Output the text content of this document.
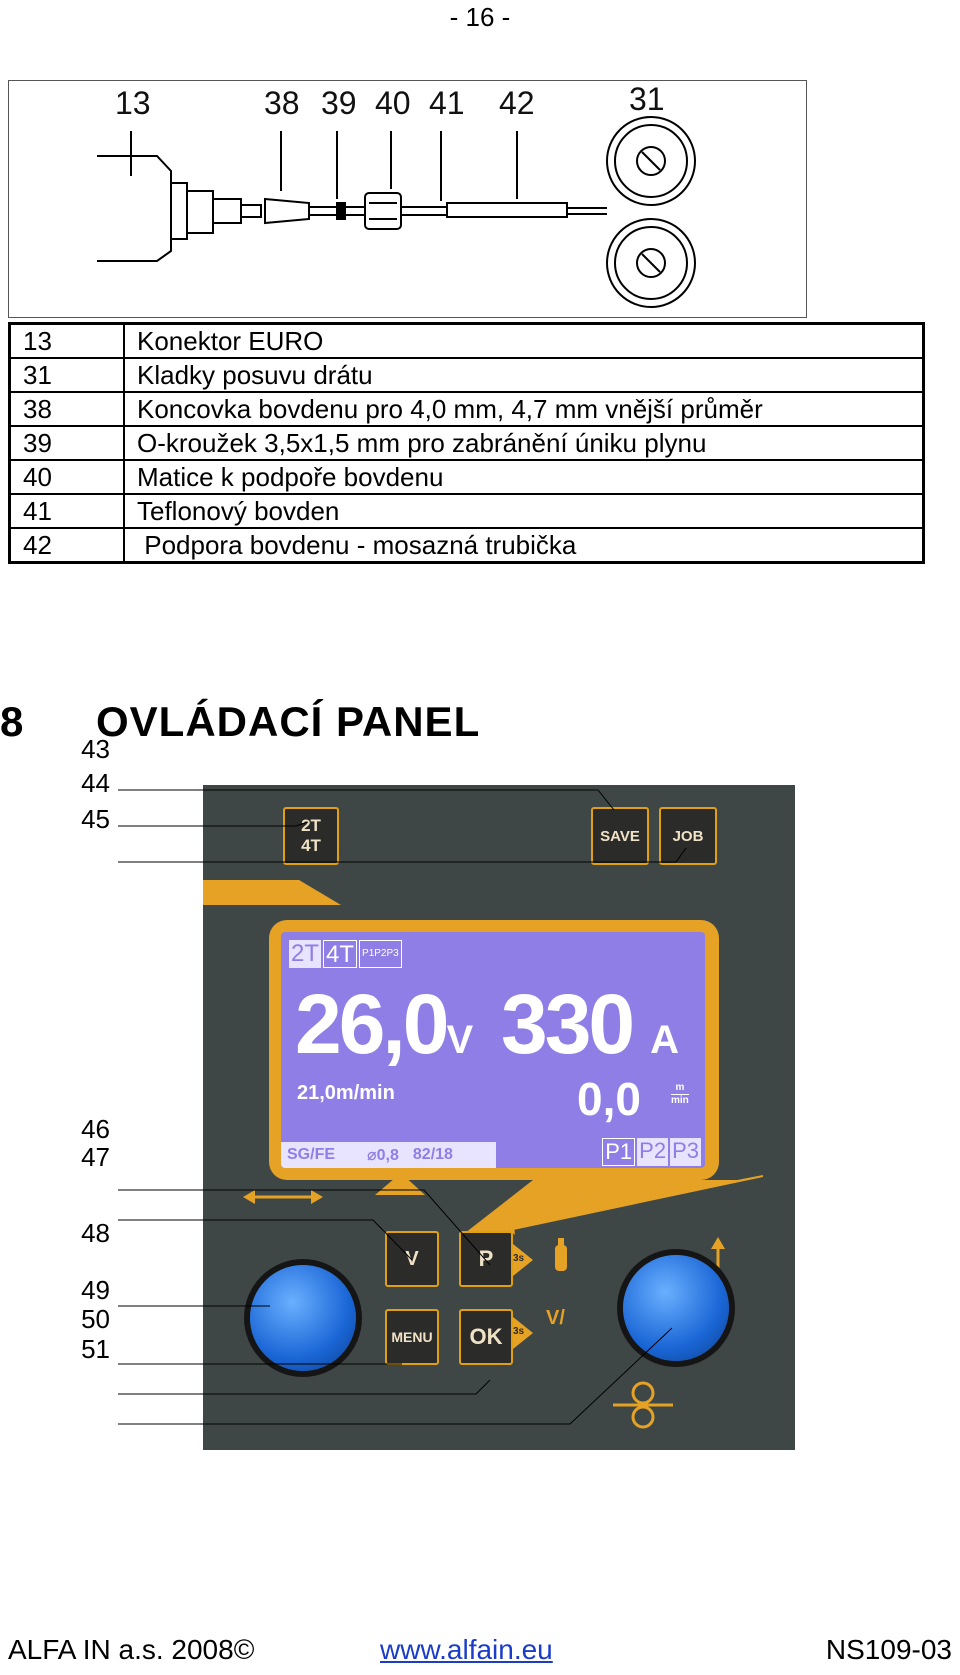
- 16 -
13	38 39 40 41 42	31
13	Konektor EURO
31	Kladky posuvu drátu
38	Koncovka bovdenu pro 4,0 mm, 4,7 mm vnější průměr
39	O-kroužek 3,5x1,5 mm pro zabránění úniku plynu
40	Matice k podpoře bovdenu
41	Teflonový bovden
42	Podpora bovdenu - mosazná trubička
8 OVLÁDACÍ PANEL
43
44
45
46
47
48
49
50
51
2T
4T	SAVE	JOB
2T 4T P1P2P3
26,0V 330 A
21,0m/min	0,0	m
min
SG/FE ⌀0,8 82/18	P1 P2 P3
V	P
MENU	OK
3s
3s
V/
ALFA IN a.s. 2008©	www.alfain.eu	NS109-03
